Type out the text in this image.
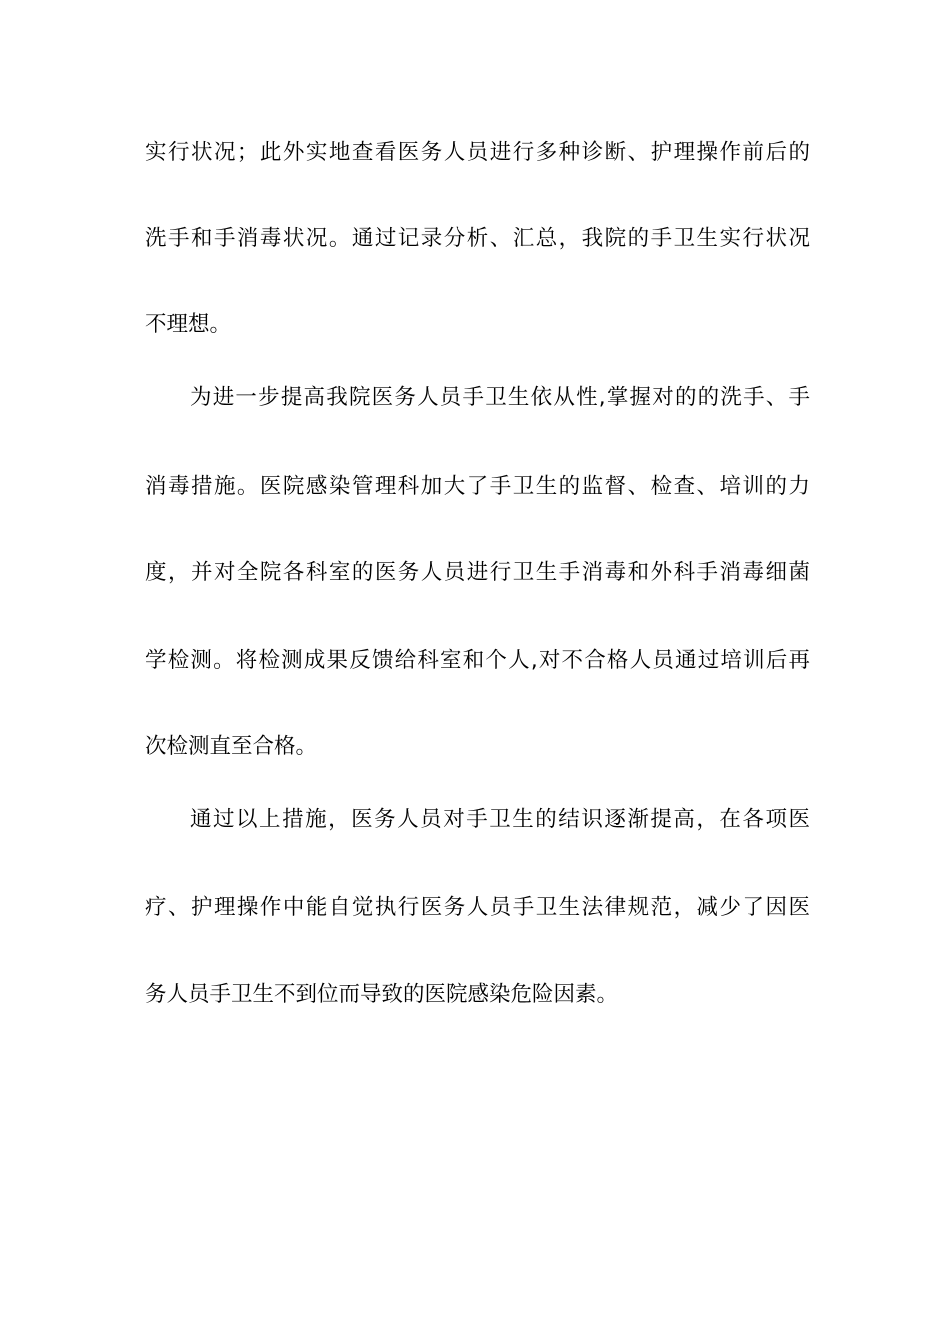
实行状况；此外实地查看医务人员进行多种诊断、护理操作前后的
洗手和手消毒状况。通过记录分析、汇总，我院的手卫生实行状况
不理想。
为进一步提高我院医务人员手卫生依从性,掌握对的的洗手、手
消毒措施。医院感染管理科加大了手卫生的监督、检查、培训的力
度，并对全院各科室的医务人员进行卫生手消毒和外科手消毒细菌
学检测。将检测成果反馈给科室和个人,对不合格人员通过培训后再
次检测直至合格。
通过以上措施，医务人员对手卫生的结识逐渐提高，在各项医
疗、护理操作中能自觉执行医务人员手卫生法律规范，减少了因医
务人员手卫生不到位而导致的医院感染危险因素。
